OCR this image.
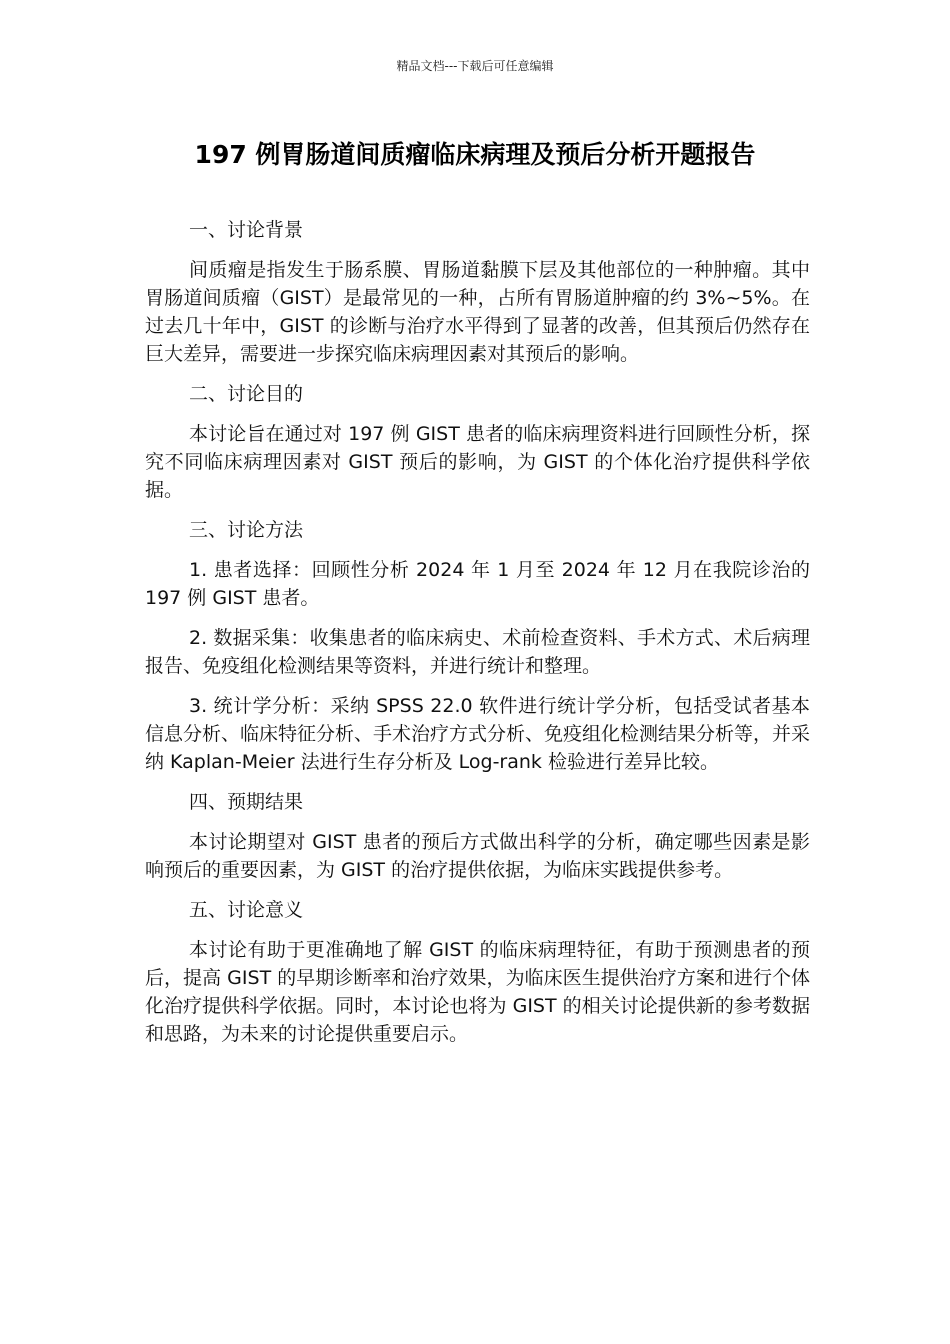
精品文档---下载后可任意编辑
197 例胃肠道间质瘤临床病理及预后分析开题报告

一、讨论背景

间质瘤是指发生于肠系膜、胃肠道黏膜下层及其他部位的一种肿瘤。其中胃肠道间质瘤（GIST）是最常见的一种，占所有胃肠道肿瘤的约 3%~5%。在过去几十年中，GIST 的诊断与治疗水平得到了显著的改善，但其预后仍然存在巨大差异，需要进一步探究临床病理因素对其预后的影响。

二、讨论目的

本讨论旨在通过对 197 例 GIST 患者的临床病理资料进行回顾性分析，探究不同临床病理因素对 GIST 预后的影响，为 GIST 的个体化治疗提供科学依据。

三、讨论方法

1. 患者选择：回顾性分析 2024 年 1 月至 2024 年 12 月在我院诊治的 197 例 GIST 患者。

2. 数据采集：收集患者的临床病史、术前检查资料、手术方式、术后病理报告、免疫组化检测结果等资料，并进行统计和整理。

3. 统计学分析：采纳 SPSS 22.0 软件进行统计学分析，包括受试者基本信息分析、临床特征分析、手术治疗方式分析、免疫组化检测结果分析等，并采纳 Kaplan-Meier 法进行生存分析及 Log-rank 检验进行差异比较。

四、预期结果

本讨论期望对 GIST 患者的预后方式做出科学的分析，确定哪些因素是影响预后的重要因素，为 GIST 的治疗提供依据，为临床实践提供参考。

五、讨论意义

本讨论有助于更准确地了解 GIST 的临床病理特征，有助于预测患者的预后，提高 GIST 的早期诊断率和治疗效果，为临床医生提供治疗方案和进行个体化治疗提供科学依据。同时，本讨论也将为 GIST 的相关讨论提供新的参考数据和思路，为未来的讨论提供重要启示。
